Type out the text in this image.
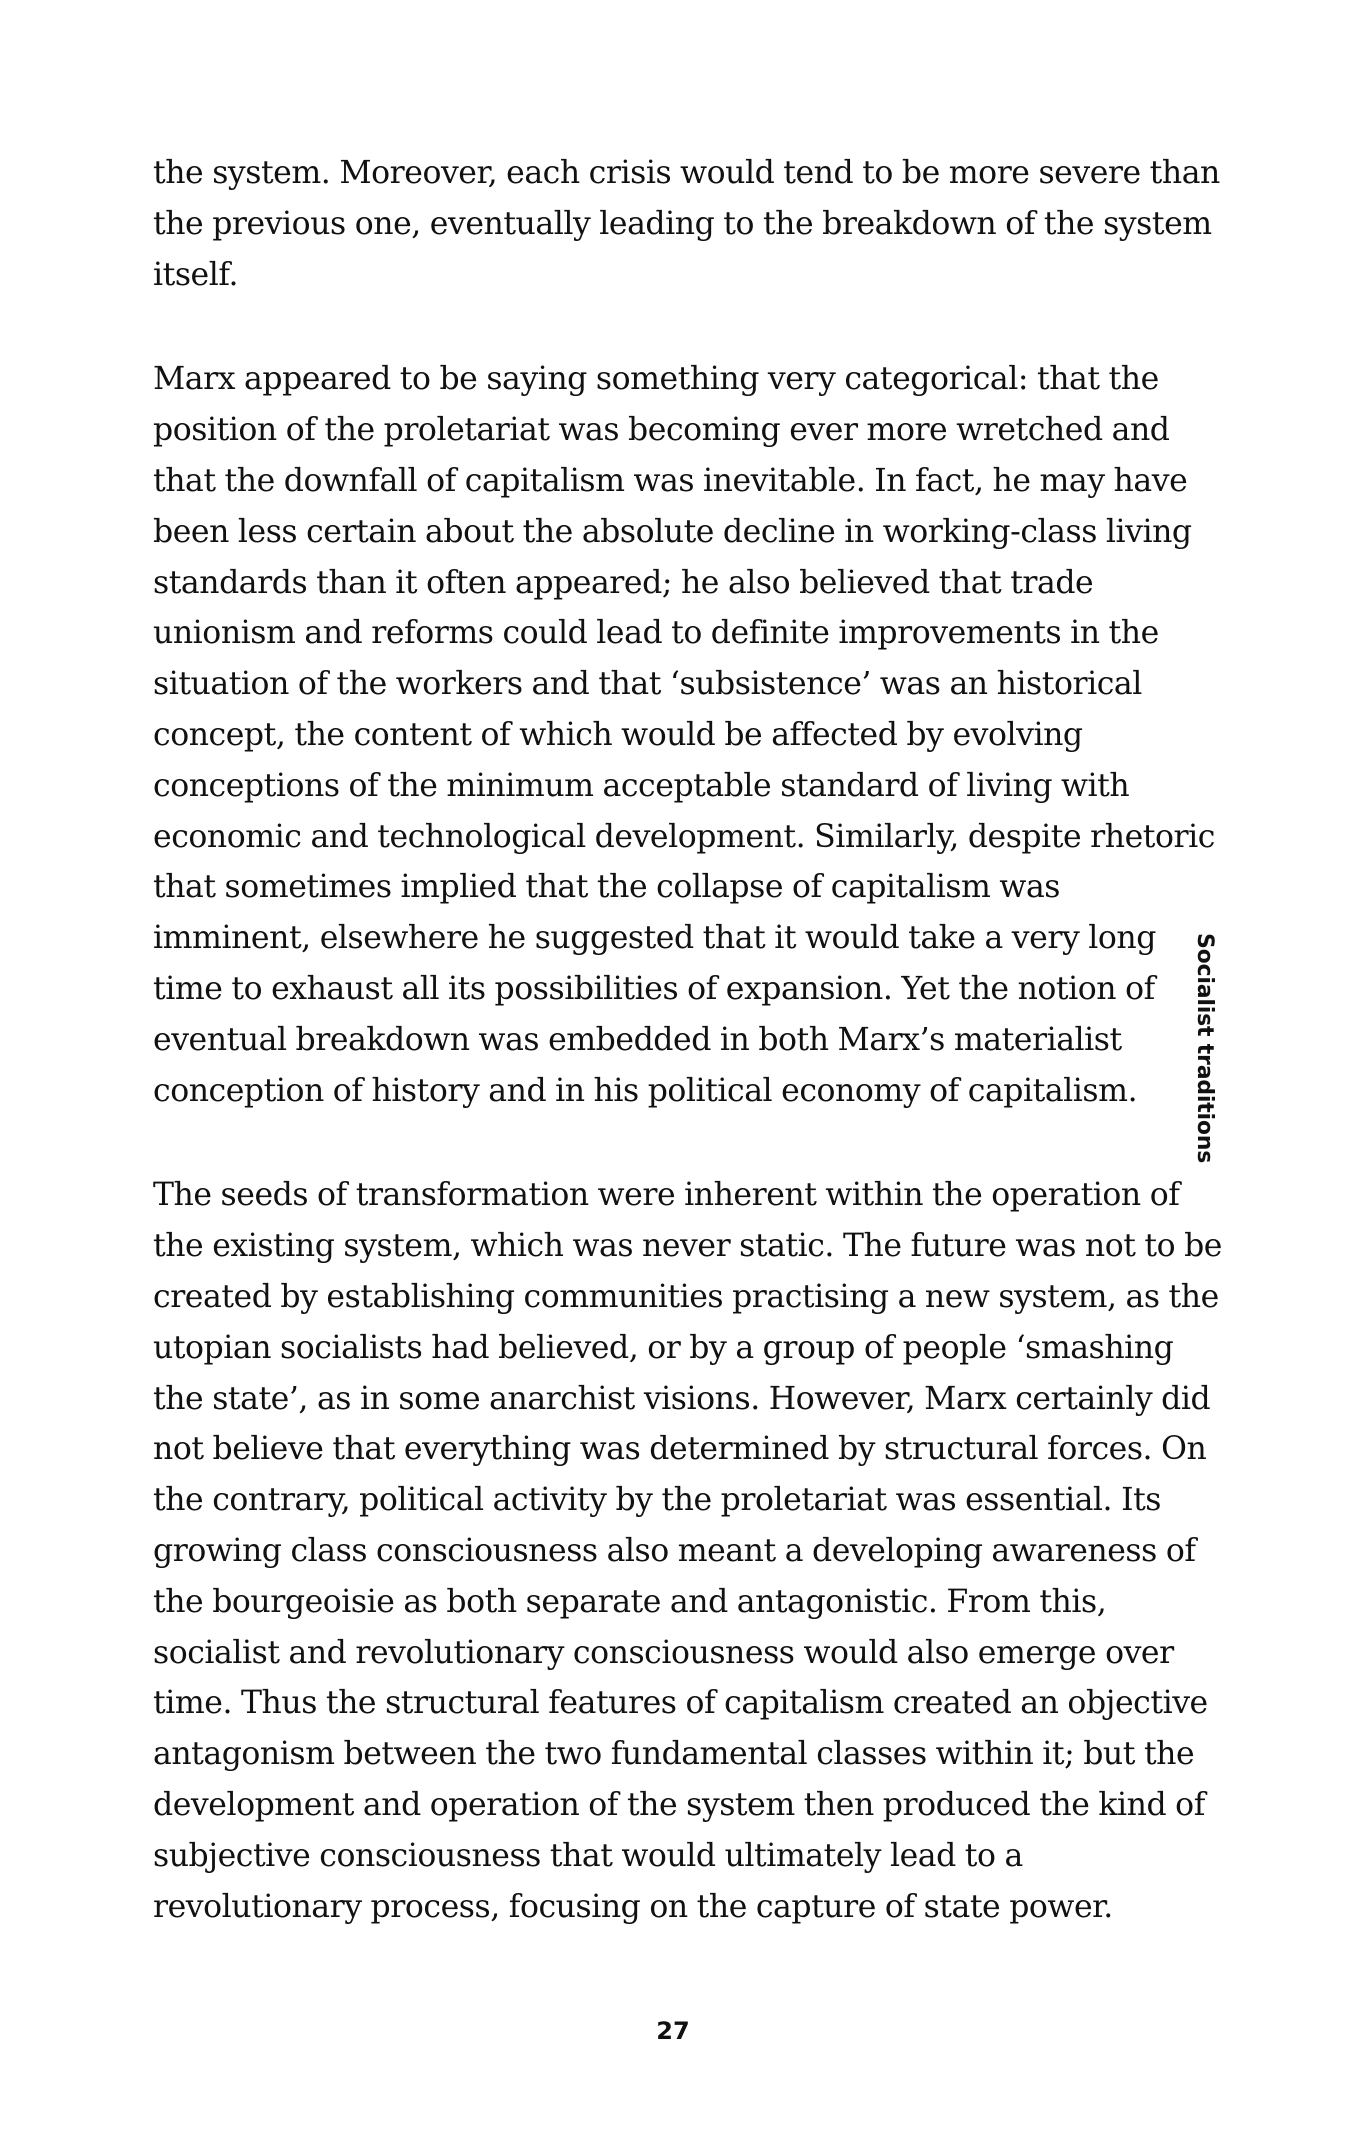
the system. Moreover, each crisis would tend to be more severe than the previous one, eventually leading to the breakdown of the system itself.

Marx appeared to be saying something very categorical: that the position of the proletariat was becoming ever more wretched and that the downfall of capitalism was inevitable. In fact, he may have been less certain about the absolute decline in working-class living standards than it often appeared; he also believed that trade unionism and reforms could lead to definite improvements in the situation of the workers and that ‘subsistence’ was an historical concept, the content of which would be affected by evolving conceptions of the minimum acceptable standard of living with economic and technological development. Similarly, despite rhetoric that sometimes implied that the collapse of capitalism was imminent, elsewhere he suggested that it would take a very long time to exhaust all its possibilities of expansion. Yet the notion of eventual breakdown was embedded in both Marx’s materialist conception of history and in his political economy of capitalism.

The seeds of transformation were inherent within the operation of the existing system, which was never static. The future was not to be created by establishing communities practising a new system, as the utopian socialists had believed, or by a group of people ‘smashing the state’, as in some anarchist visions. However, Marx certainly did not believe that everything was determined by structural forces. On the contrary, political activity by the proletariat was essential. Its growing class consciousness also meant a developing awareness of the bourgeoisie as both separate and antagonistic. From this, socialist and revolutionary consciousness would also emerge over time. Thus the structural features of capitalism created an objective antagonism between the two fundamental classes within it; but the development and operation of the system then produced the kind of subjective consciousness that would ultimately lead to a revolutionary process, focusing on the capture of state power.

Socialist traditions
27
